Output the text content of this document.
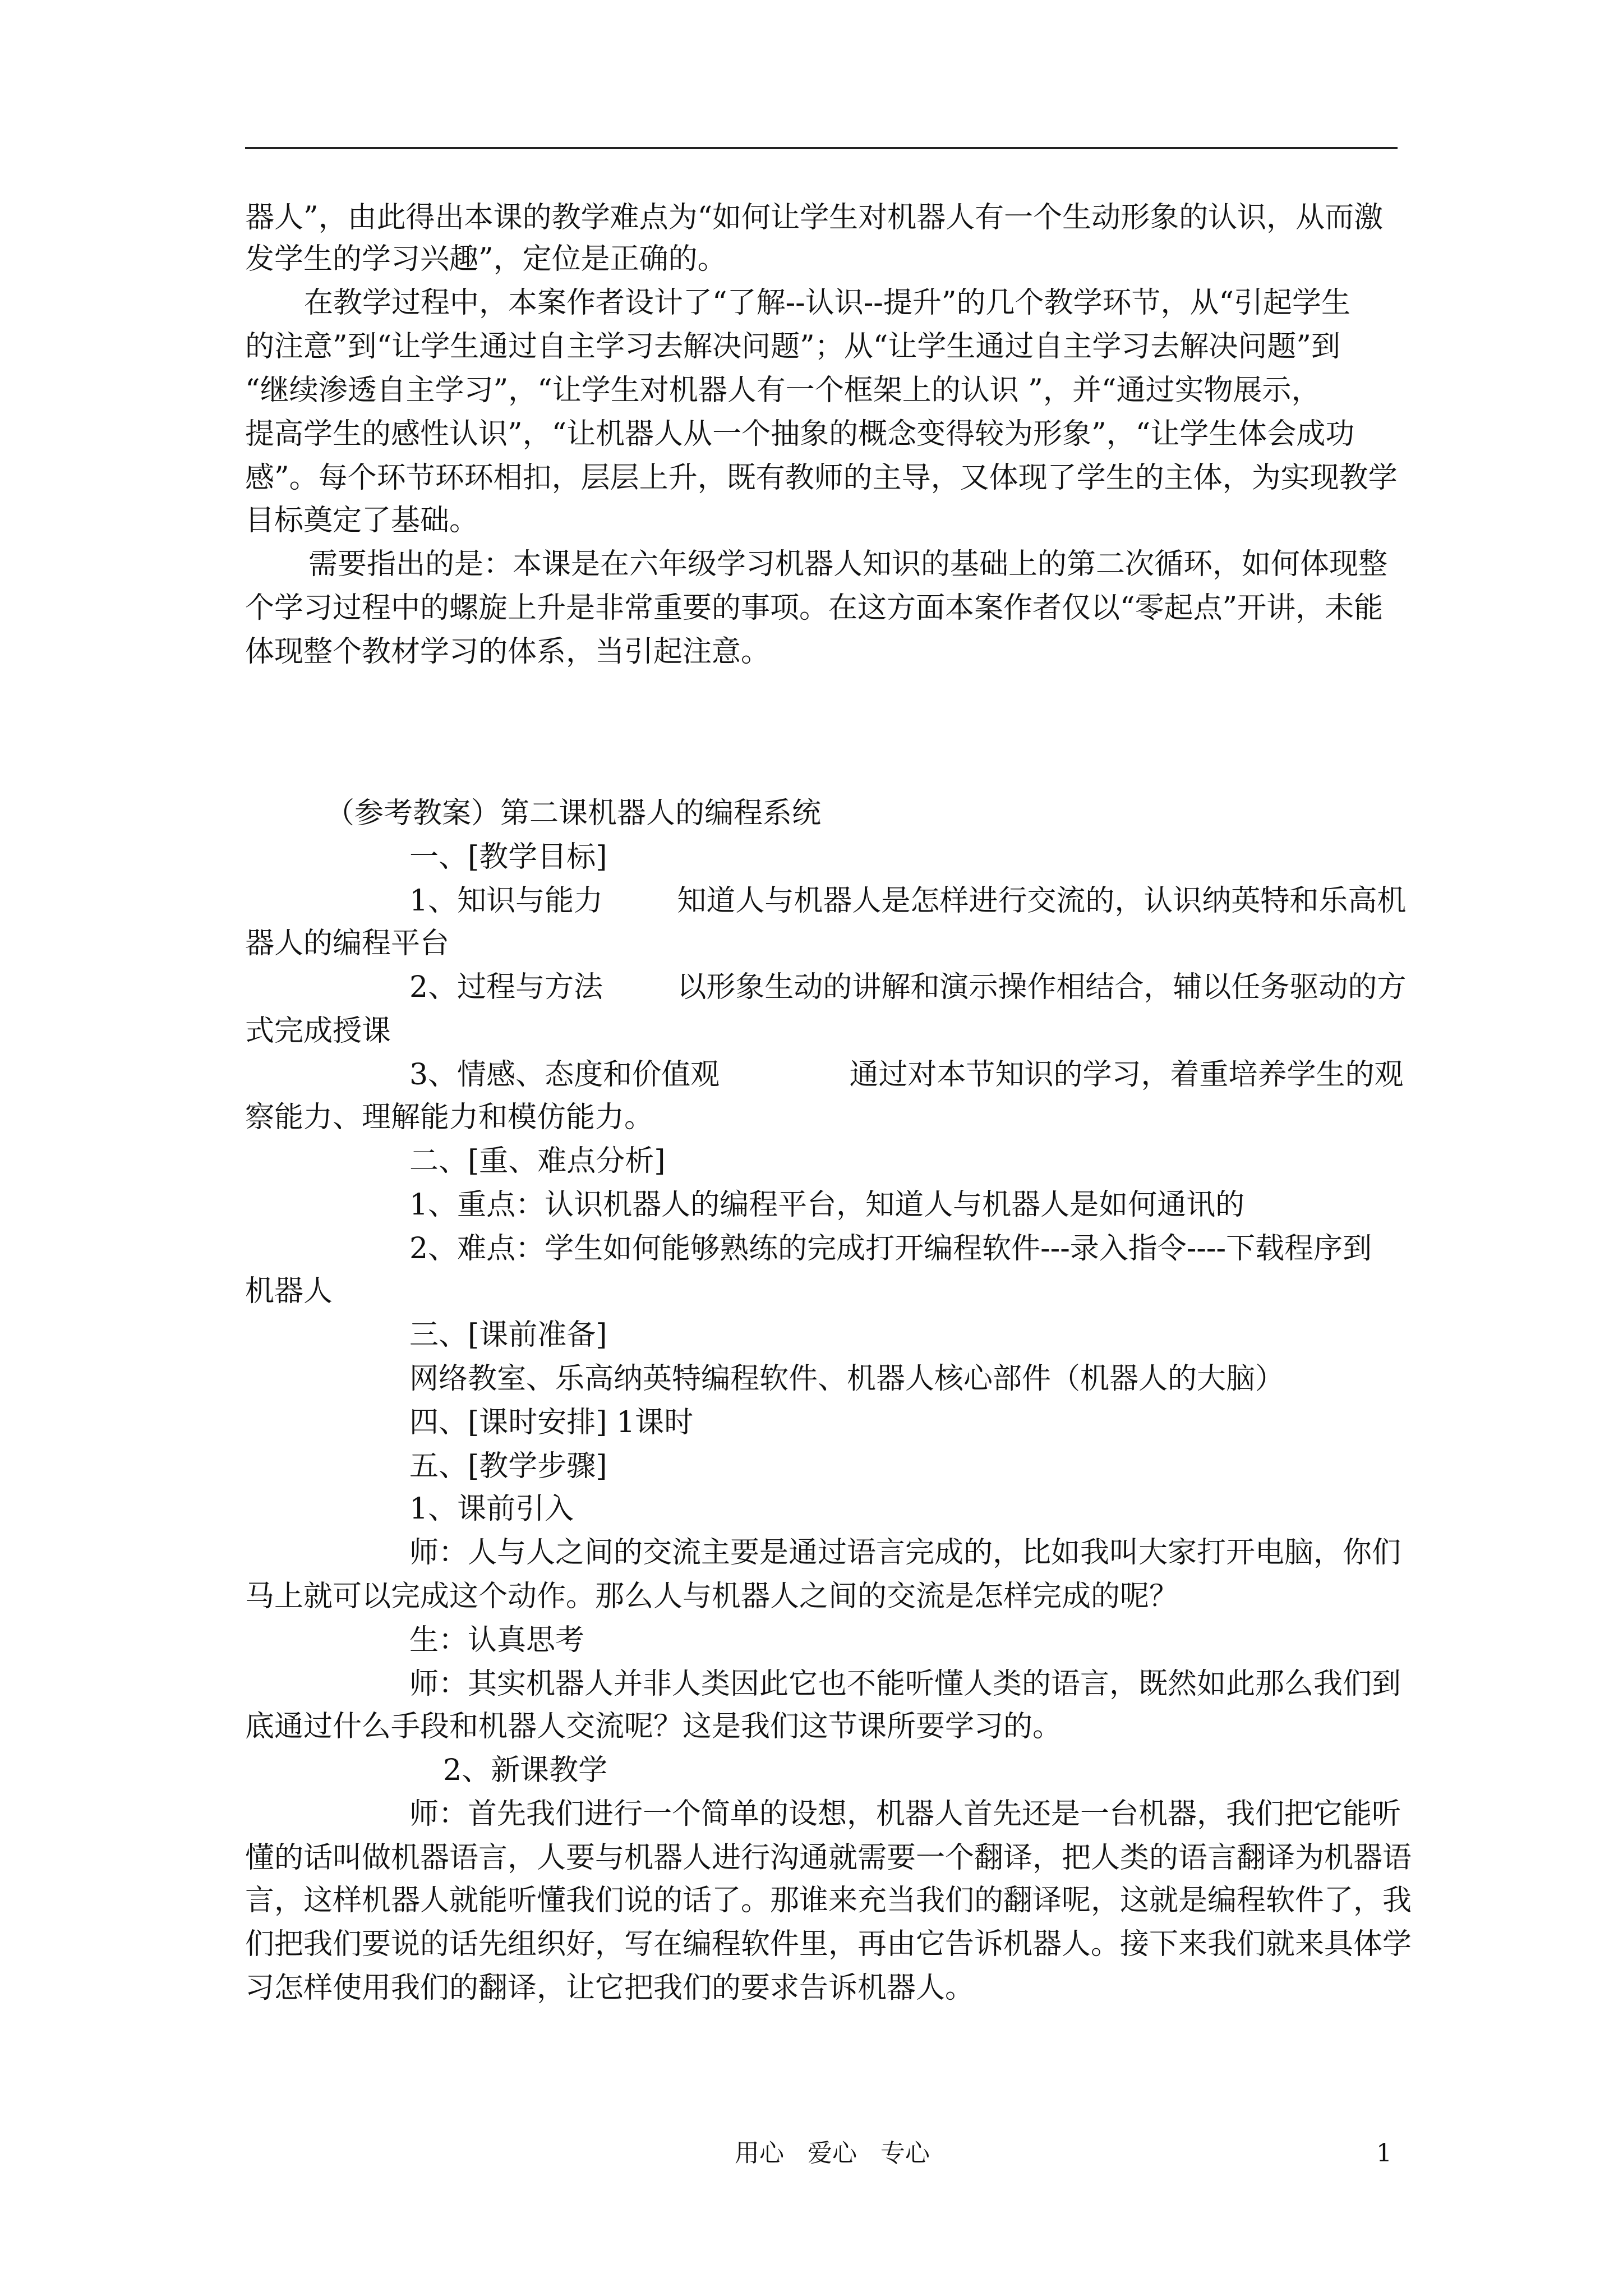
器人”，由此得出本课的教学难点为“如何让学生对机器人有一个生动形象的认识，从而激

发学生的学习兴趣”，定位是正确的。

在教学过程中，本案作者设计了“了解--认识--提升”的几个教学环节，从“引起学生

的注意”到“让学生通过自主学习去解决问题”；从“让学生通过自主学习去解决问题”到

“继续渗透自主学习”，“让学生对机器人有一个框架上的认识 ”，并“通过实物展示，

提高学生的感性认识”，“让机器人从一个抽象的概念变得较为形象”，“让学生体会成功

感”。每个环节环环相扣，层层上升，既有教师的主导，又体现了学生的主体，为实现教学

目标奠定了基础。

需要指出的是：本课是在六年级学习机器人知识的基础上的第二次循环，如何体现整

个学习过程中的螺旋上升是非常重要的事项。在这方面本案作者仅以“零起点”开讲，未能

体现整个教材学习的体系，当引起注意。

（参考教案）第二课机器人的编程系统

一、[教学目标]

1、知识与能力        知道人与机器人是怎样进行交流的，认识纳英特和乐高机

器人的编程平台

2、过程与方法        以形象生动的讲解和演示操作相结合，辅以任务驱动的方

式完成授课

3、情感、态度和价值观              通过对本节知识的学习，着重培养学生的观

察能力、理解能力和模仿能力。

二、[重、难点分析]

1、重点：认识机器人的编程平台，知道人与机器人是如何通讯的

2、难点：学生如何能够熟练的完成打开编程软件---录入指令----下载程序到

机器人

三、[课前准备]

网络教室、乐高纳英特编程软件、机器人核心部件（机器人的大脑）

四、[课时安排] 1课时

五、[教学步骤]

1、课前引入

师：人与人之间的交流主要是通过语言完成的，比如我叫大家打开电脑，你们

马上就可以完成这个动作。那么人与机器人之间的交流是怎样完成的呢？

生：认真思考

师：其实机器人并非人类因此它也不能听懂人类的语言，既然如此那么我们到

底通过什么手段和机器人交流呢？这是我们这节课所要学习的。

2、新课教学

师：首先我们进行一个简单的设想，机器人首先还是一台机器，我们把它能听

懂的话叫做机器语言，人要与机器人进行沟通就需要一个翻译，把人类的语言翻译为机器语

言，这样机器人就能听懂我们说的话了。那谁来充当我们的翻译呢，这就是编程软件了，我

们把我们要说的话先组织好，写在编程软件里，再由它告诉机器人。接下来我们就来具体学

习怎样使用我们的翻译，让它把我们的要求告诉机器人。

用心   爱心   专心	1
